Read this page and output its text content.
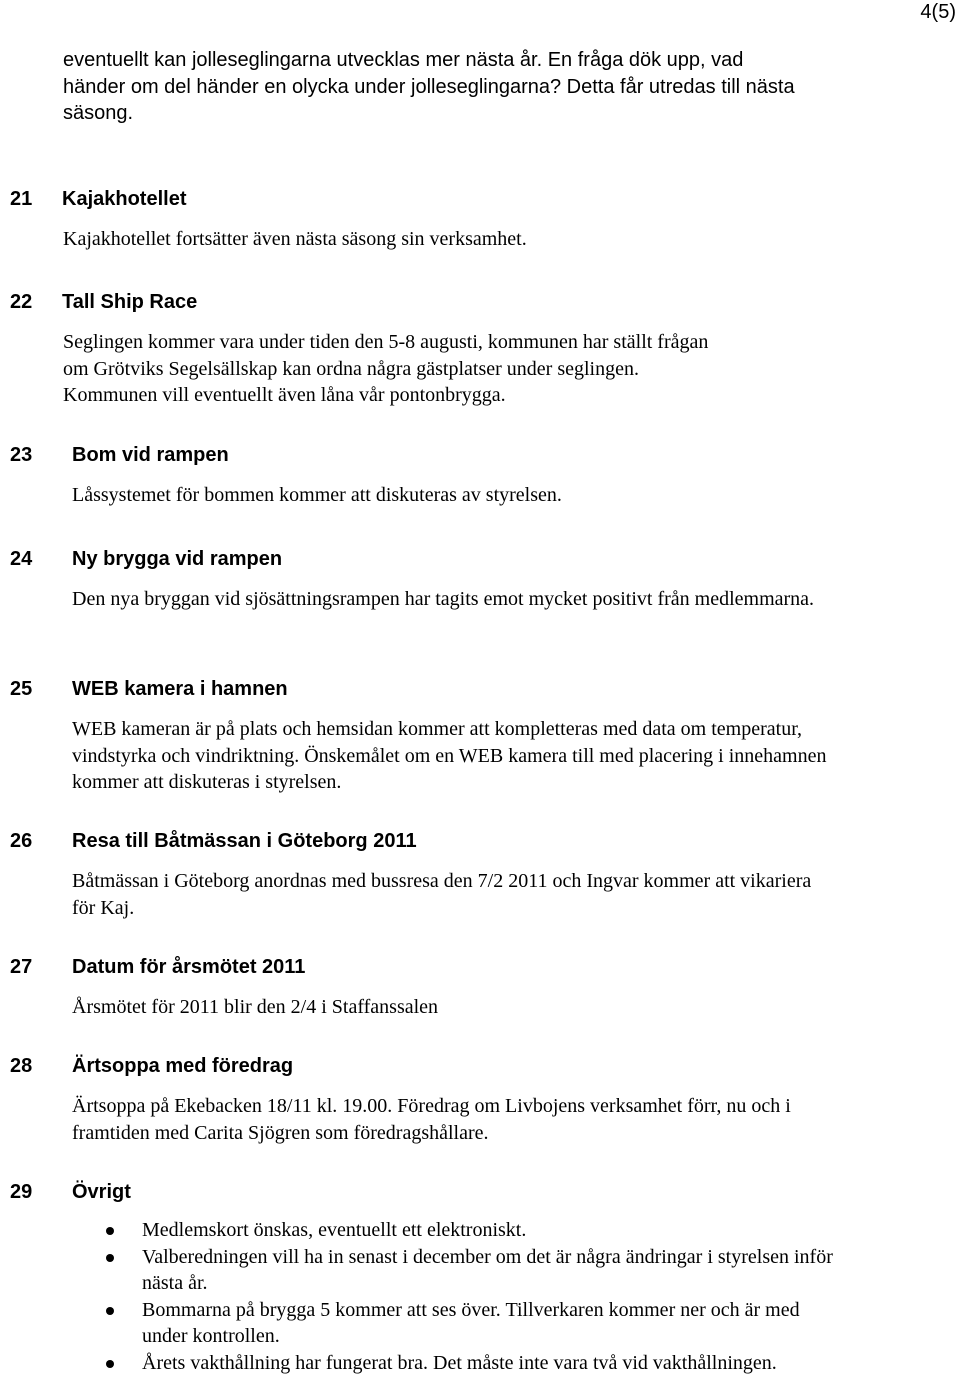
4(5)
eventuellt kan jolleseglingarna utvecklas mer nästa år. En fråga dök upp, vad
händer om del händer en olycka under jolleseglingarna? Detta får utredas till nästa
säsong.
21 Kajakhotellet
Kajakhotellet fortsätter även nästa säsong sin verksamhet.
22 Tall Ship Race
Seglingen kommer vara under tiden den 5-8 augusti, kommunen har ställt frågan
om Grötviks Segelsällskap kan ordna några gästplatser under seglingen.
Kommunen vill eventuellt även låna vår pontonbrygga.
23 Bom vid rampen
Låssystemet för bommen kommer att diskuteras av styrelsen.
24 Ny brygga vid rampen
Den nya bryggan vid sjösättningsrampen har tagits emot mycket positivt från medlemmarna.
25 WEB kamera i hamnen
WEB kameran är på plats och hemsidan kommer att kompletteras med data om temperatur,
vindstyrka och vindriktning. Önskemålet om en WEB kamera till med placering i innehamnen
kommer att diskuteras i styrelsen.
26 Resa till Båtmässan i Göteborg 2011
Båtmässan i Göteborg anordnas med bussresa den 7/2 2011 och Ingvar kommer att vikariera
för Kaj.
27 Datum för årsmötet 2011
Årsmötet för 2011 blir den 2/4 i Staffanssalen
28 Ärtsoppa med föredrag
Ärtsoppa på Ekebacken 18/11 kl. 19.00. Föredrag om Livbojens verksamhet förr, nu och i
framtiden med Carita Sjögren som föredragshållare.
29 Övrigt
Medlemskort önskas, eventuellt ett elektroniskt.
Valberedningen vill ha in senast i december om det är några ändringar i styrelsen inför
nästa år.
Bommarna på brygga 5 kommer att ses över. Tillverkaren kommer ner och är med
under kontrollen.
Årets vakthållning har fungerat bra. Det måste inte vara två vid vakthållningen.
